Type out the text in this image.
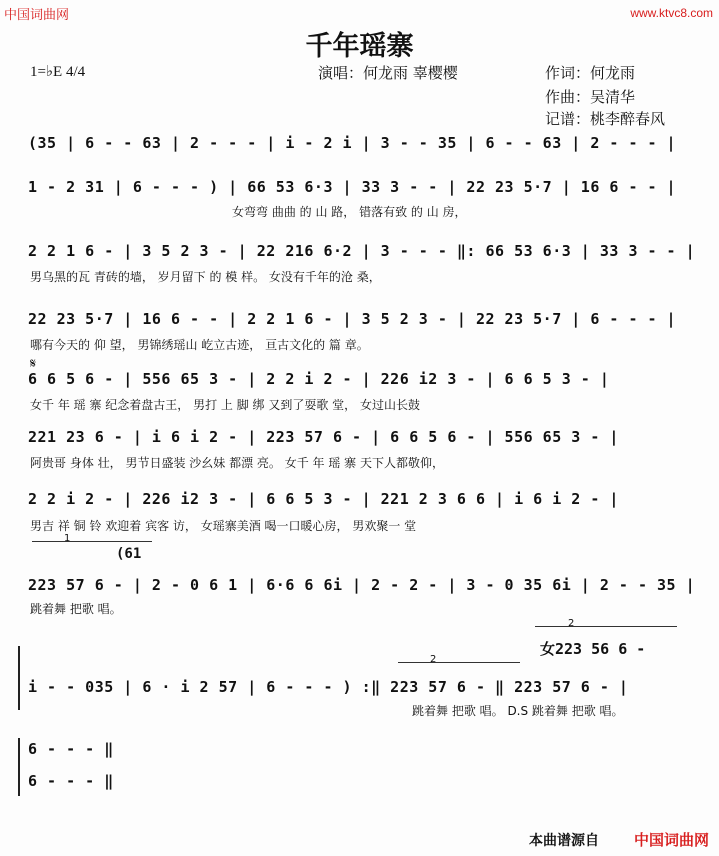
中国词曲网	www.ktvc8.com
千年瑶寨
1=♭E 4/4	演唱：何龙雨 辜樱樱	作词：何龙雨
作曲：吴清华
记谱：桃李醉春风
(35 | 6 - - 63 | 2 - - - | i - 2 i | 3 - - 35 | 6 - - 63 | 2 - - - |
1 - 2 31 | 6 - - - ) | 66 53 6·3 | 33 3 - - | 22 23 5·7 | 16 6 - - |
女弯弯 曲曲 的 山 路， 错落有致 的 山 房，
2 2 1 6 - | 3 5 2 3 - | 22 216 6·2 | 3 - - - ‖: 66 53 6·3 | 33 3 - - |
男乌黑的瓦 青砖的墙， 岁月留下 的 模 样。 女没有千年的沧 桑，
22 23 5·7 | 16 6 - - | 2 2 1 6 - | 3 5 2 3 - | 22 23 5·7 | 6 - - - |
哪有今天的 仰 望， 男锦绣瑶山 屹立古迹， 亘古文化的 篇 章。
𝄋
6 6 5 6 - | 556 65 3 - | 2 2 i 2 - | 226 i2 3 - | 6 6 5 3 - |
女千 年 瑶 寨 纪念着盘古王， 男打 上 脚 绑 又到了耍歌 堂， 女过山长鼓
221 23 6 - | i 6 i 2 - | 223 57 6 - | 6 6 5 6 - | 556 65 3 - |
阿贵哥 身体 壮， 男节日盛装 沙幺妹 都漂 亮。 女千 年 瑶 寨 天下人都敬仰，
2 2 i 2 - | 226 i2 3 - | 6 6 5 3 - | 221 2 3 6 6 | i 6 i 2 - |
男吉 祥 铜 铃 欢迎着 宾客 访， 女瑶寨美酒 喝一口暖心房， 男欢聚一 堂
1
(61
223 57 6 - | 2 - 0 6 1 | 6·6 6 6i | 2 - 2 - | 3 - 0 35 6i | 2 - - 35 |
跳着舞 把歌 唱。
2
女223 56 6 -
2
i - - 035 | 6 · i 2 57 | 6 - - - ) :‖ 223 57 6 - ‖ 223 57 6 - |
跳着舞 把歌 唱。 D.S 跳着舞 把歌 唱。
6 - - - ‖
6 - - - ‖
本曲谱源自 中国词曲网
